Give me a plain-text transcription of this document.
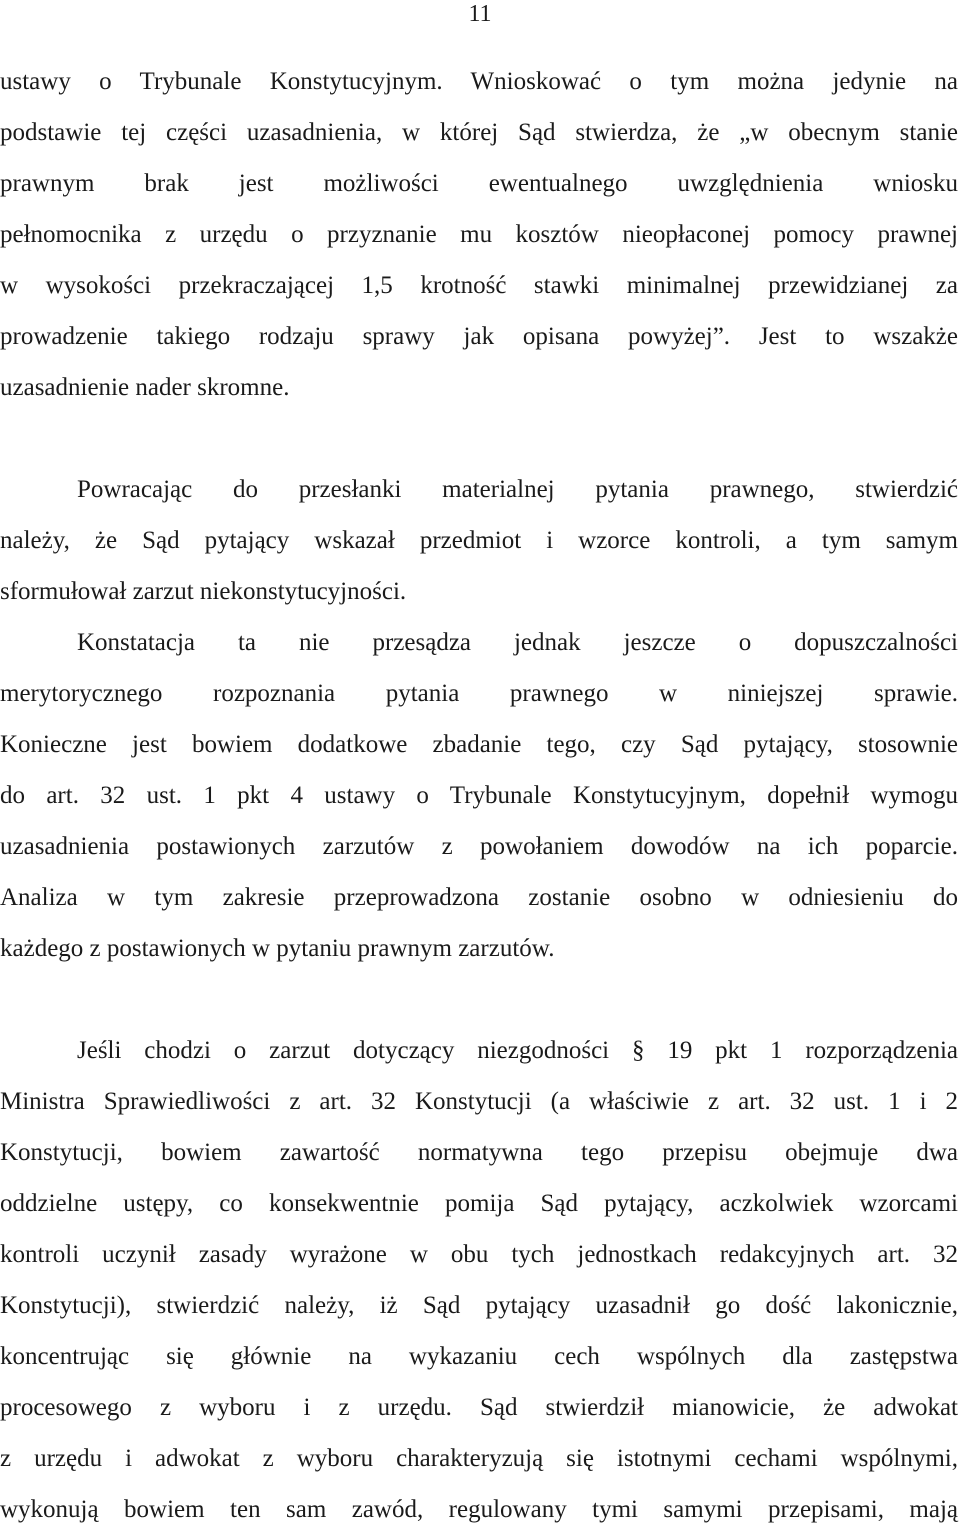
11
ustawy o Trybunale Konstytucyjnym. Wnioskować o tym można jedynie na
podstawie tej części uzasadnienia, w której Sąd stwierdza, że „w obecnym stanie
prawnym brak jest możliwości ewentualnego uwzględnienia wniosku
pełnomocnika z urzędu o przyznanie mu kosztów nieopłaconej pomocy prawnej
w wysokości przekraczającej 1,5 krotność stawki minimalnej przewidzianej za
prowadzenie takiego rodzaju sprawy jak opisana powyżej”. Jest to wszakże
uzasadnienie nader skromne.
Powracając do przesłanki materialnej pytania prawnego, stwierdzić
należy, że Sąd pytający wskazał przedmiot i wzorce kontroli, a tym samym
sformułował zarzut niekonstytucyjności.
Konstatacja ta nie przesądza jednak jeszcze o dopuszczalności
merytorycznego rozpoznania pytania prawnego w niniejszej sprawie.
Konieczne jest bowiem dodatkowe zbadanie tego, czy Sąd pytający, stosownie
do art. 32 ust. 1 pkt 4 ustawy o Trybunale Konstytucyjnym, dopełnił wymogu
uzasadnienia postawionych zarzutów z powołaniem dowodów na ich poparcie.
Analiza w tym zakresie przeprowadzona zostanie osobno w odniesieniu do
każdego z postawionych w pytaniu prawnym zarzutów.
Jeśli chodzi o zarzut dotyczący niezgodności § 19 pkt 1 rozporządzenia
Ministra Sprawiedliwości z art. 32 Konstytucji (a właściwie z art. 32 ust. 1 i 2
Konstytucji, bowiem zawartość normatywna tego przepisu obejmuje dwa
oddzielne ustępy, co konsekwentnie pomija Sąd pytający, aczkolwiek wzorcami
kontroli uczynił zasady wyrażone w obu tych jednostkach redakcyjnych art. 32
Konstytucji), stwierdzić należy, iż Sąd pytający uzasadnił go dość lakonicznie,
koncentrując się głównie na wykazaniu cech wspólnych dla zastępstwa
procesowego z wyboru i z urzędu. Sąd stwierdził mianowicie, że adwokat
z urzędu i adwokat z wyboru charakteryzują się istotnymi cechami wspólnymi,
wykonują bowiem ten sam zawód, regulowany tymi samymi przepisami, mają
